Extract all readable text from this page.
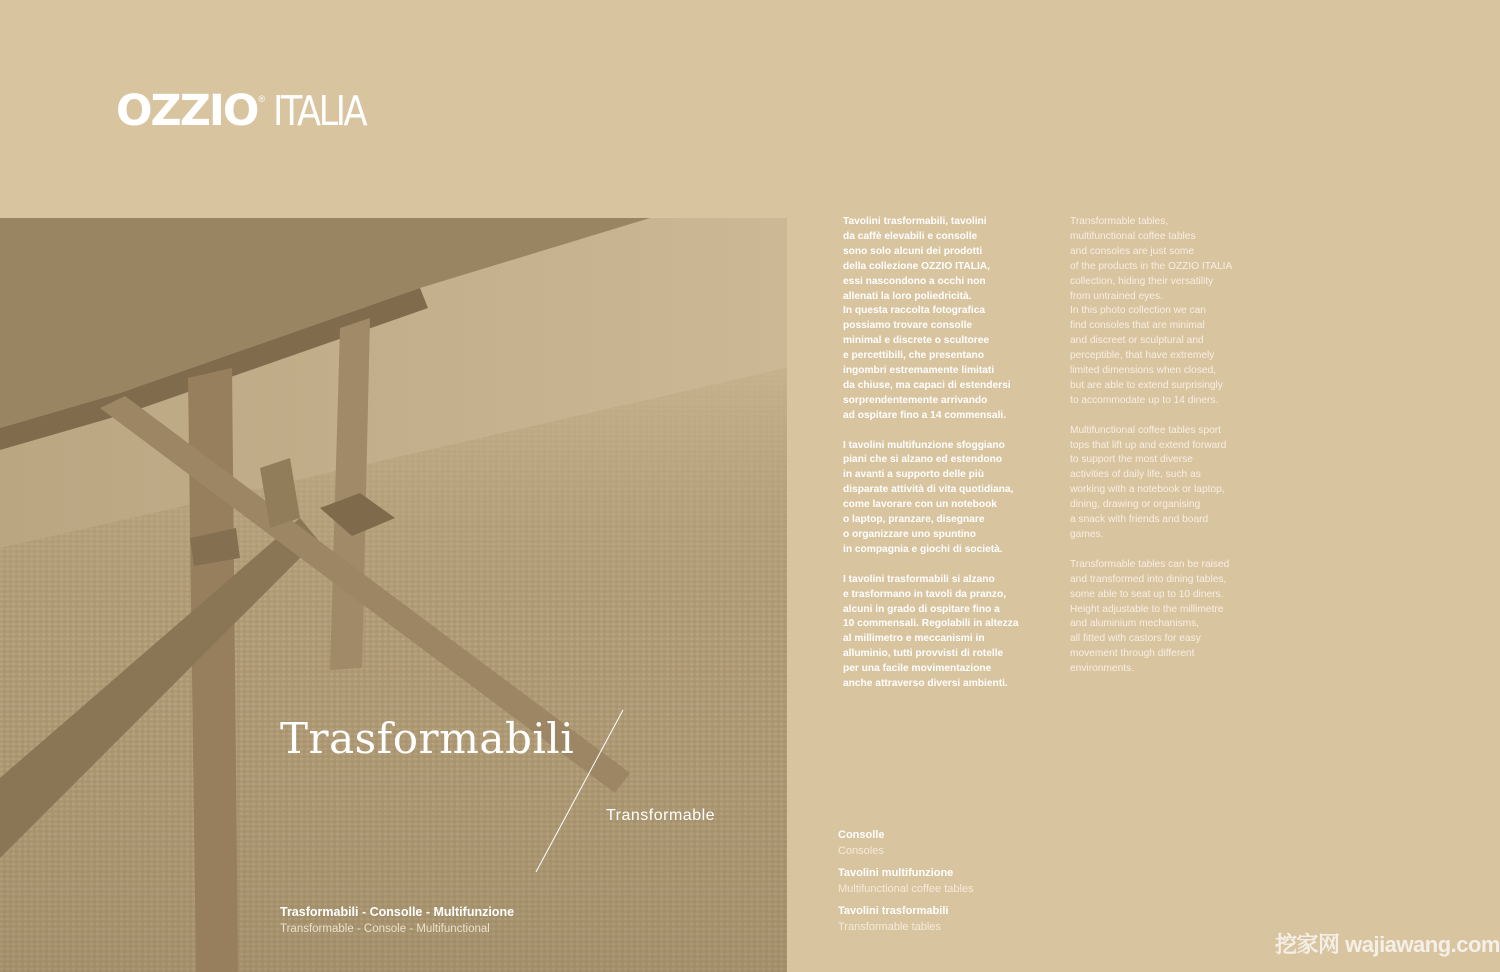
OZZIO® ITALIA
Trasformabili
Transformable
Trasformabili - Consolle - Multifunzione
Transformable - Console - Multifunctional

Tavolini trasformabili, tavolini
da caffè elevabili e consolle
sono solo alcuni dei prodotti
della collezione OZZIO ITALIA,
essi nascondono a occhi non
allenati la loro poliedricità.
In questa raccolta fotografica
possiamo trovare consolle
minimal e discrete o scultoree
e percettibili, che presentano
ingombri estremamente limitati
da chiuse, ma capaci di estendersi
sorprendentemente arrivando
ad ospitare fino a 14 commensali.

I tavolini multifunzione sfoggiano
piani che si alzano ed estendono
in avanti a supporto delle più
disparate attività di vita quotidiana,
come lavorare con un notebook
o laptop, pranzare, disegnare
o organizzare uno spuntino
in compagnia e giochi di società.

I tavolini trasformabili si alzano
e trasformano in tavoli da pranzo,
alcuni in grado di ospitare fino a
10 commensali. Regolabili in altezza
al millimetro e meccanismi in
alluminio, tutti provvisti di rotelle
per una facile movimentazione
anche attraverso diversi ambienti.

Transformable tables,
multifunctional coffee tables
and consoles are just some
of the products in the OZZIO ITALIA
collection, hiding their versatility
from untrained eyes.
In this photo collection we can
find consoles that are minimal
and discreet or sculptural and
perceptible, that have extremely
limited dimensions when closed,
but are able to extend surprisingly
to accommodate up to 14 diners.

Multifunctional coffee tables sport
tops that lift up and extend forward
to support the most diverse
activities of daily life, such as
working with a notebook or laptop,
dining, drawing or organising
a snack with friends and board
games.

Transformable tables can be raised
and transformed into dining tables,
some able to seat up to 10 diners.
Height adjustable to the millimetre
and aluminium mechanisms,
all fitted with castors for easy
movement through different
environments.

Consolle
Consoles
Tavolini multifunzione
Multifunctional coffee tables
Tavolini trasformabili
Transformable tables
挖家网 wajiawang.com
